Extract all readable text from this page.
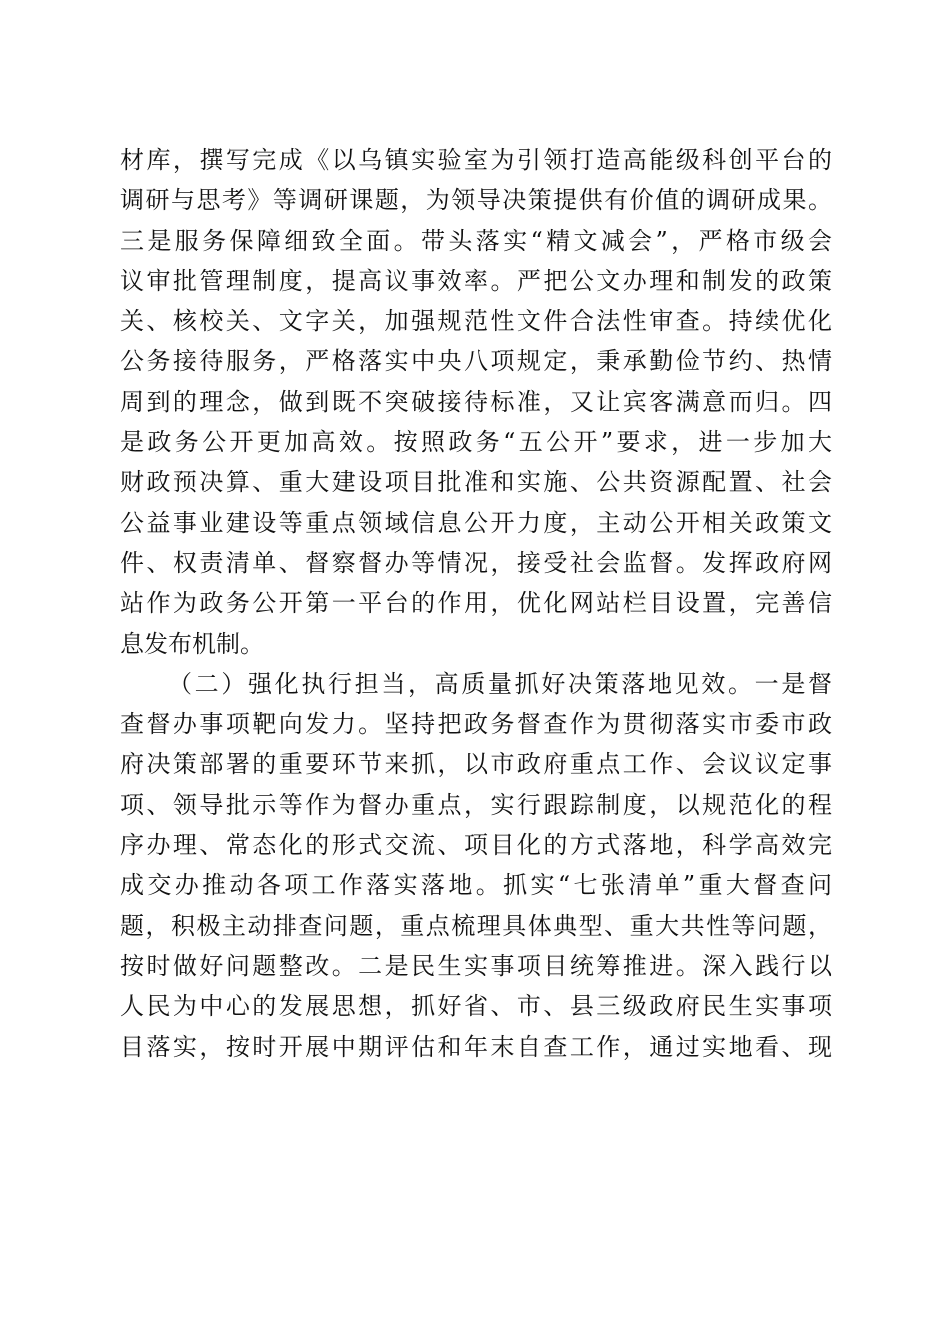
材库，撰写完成《以乌镇实验室为引领打造高能级科创平台的
调研与思考》等调研课题，为领导决策提供有价值的调研成果。
三是服务保障细致全面。带头落实“精文减会”，严格市级会
议审批管理制度，提高议事效率。严把公文办理和制发的政策
关、核校关、文字关，加强规范性文件合法性审查。持续优化
公务接待服务，严格落实中央八项规定，秉承勤俭节约、热情
周到的理念，做到既不突破接待标准，又让宾客满意而归。四
是政务公开更加高效。按照政务“五公开”要求，进一步加大
财政预决算、重大建设项目批准和实施、公共资源配置、社会
公益事业建设等重点领域信息公开力度，主动公开相关政策文
件、权责清单、督察督办等情况，接受社会监督。发挥政府网
站作为政务公开第一平台的作用，优化网站栏目设置，完善信
息发布机制。
（二）强化执行担当，高质量抓好决策落地见效。一是督
查督办事项靶向发力。坚持把政务督查作为贯彻落实市委市政
府决策部署的重要环节来抓，以市政府重点工作、会议议定事
项、领导批示等作为督办重点，实行跟踪制度，以规范化的程
序办理、常态化的形式交流、项目化的方式落地，科学高效完
成交办推动各项工作落实落地。抓实“七张清单”重大督查问
题，积极主动排查问题，重点梳理具体典型、重大共性等问题，
按时做好问题整改。二是民生实事项目统筹推进。深入践行以
人民为中心的发展思想，抓好省、市、县三级政府民生实事项
目落实，按时开展中期评估和年末自查工作，通过实地看、现
